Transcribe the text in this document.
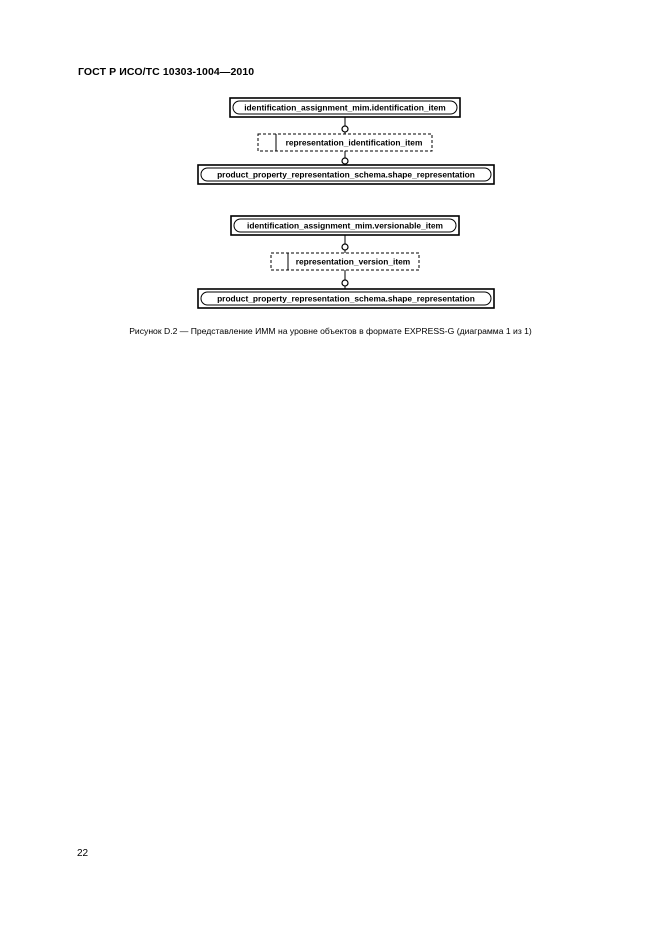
ГОСТ Р ИСО/ТС 10303-1004—2010
identification_assignment_mim.identification_item
representation_identification_item
product_property_representation_schema.shape_representation
identification_assignment_mim.versionable_item
representation_version_item
product_property_representation_schema.shape_representation
Рисунок D.2 — Представление ИММ на уровне объектов в формате EXPRESS-G (диаграмма 1 из 1)
22
